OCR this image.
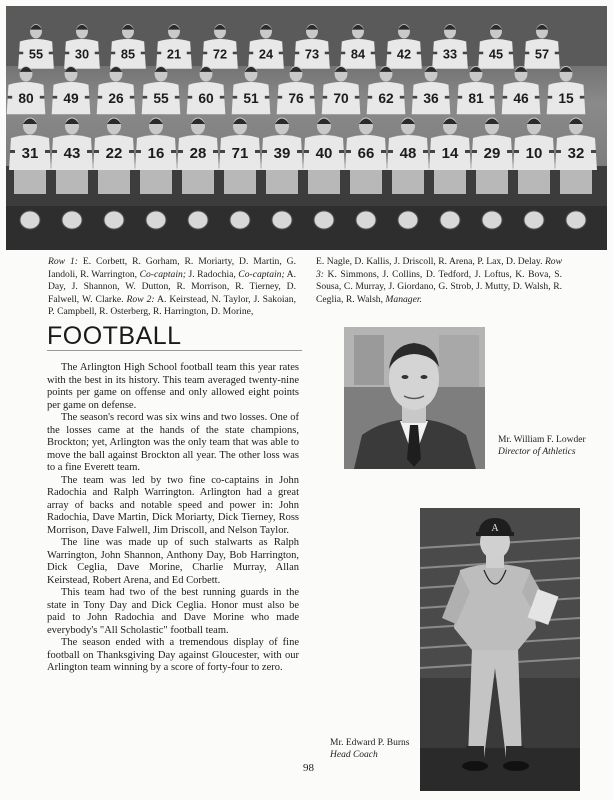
55 30 85 21 72 24 73 84 42 33 45 57
80 49 26 55 60 51 76 70 62 36 81 46 15
31 43 22 16 28 71 39 40 66 48 14 29 10 32
Row 1: E. Corbett, R. Gorham, R. Moriarty, D. Martin, G. Iandoli, R. Warrington, Co-captain; J. Radochia, Co-captain; A. Day, J. Shannon, W. Dutton, R. Morrison, R. Tierney, D. Falwell, W. Clarke. Row 2: A. Keirstead, N. Taylor, J. Sakoian, P. Campbell, R. Osterberg, R. Harrington, D. Morine,
E. Nagle, D. Kallis, J. Driscoll, R. Arena, P. Lax, D. Delay. Row 3: K. Simmons, J. Collins, D. Tedford, J. Loftus, K. Bova, S. Sousa, C. Murray, J. Giordano, G. Strob, J. Mutty, D. Walsh, R. Ceglia, R. Walsh, Manager.
FOOTBALL

The Arlington High School football team this year rates with the best in its history. This team averaged twenty-nine points per game on offense and only allowed eight points per game on defense.

The season's record was six wins and two losses. One of the losses came at the hands of the state champions, Brockton; yet, Arlington was the only team that was able to move the ball against Brockton all year. The other loss was to a fine Everett team.

The team was led by two fine co-captains in John Radochia and Ralph Warrington. Arlington had a great array of backs and notable speed and power in: John Radochia, Dave Martin, Dick Moriarty, Dick Tierney, Ross Morrison, Dave Falwell, Jim Driscoll, and Nelson Taylor.

The line was made up of such stalwarts as Ralph Warrington, John Shannon, Anthony Day, Bob Harrington, Dick Ceglia, Dave Morine, Charlie Murray, Allan Keirstead, Robert Arena, and Ed Corbett.

This team had two of the best running guards in the state in Tony Day and Dick Ceglia. Honor must also be paid to John Radochia and Dave Morine who made everybody's "All Scholastic" football team.

The season ended with a tremendous display of fine football on Thanksgiving Day against Gloucester, with our Arlington team winning by a score of forty-four to zero.

Mr. William F. Lowder
Director of Athletics
A
Mr. Edward P. Burns
Head Coach
98
